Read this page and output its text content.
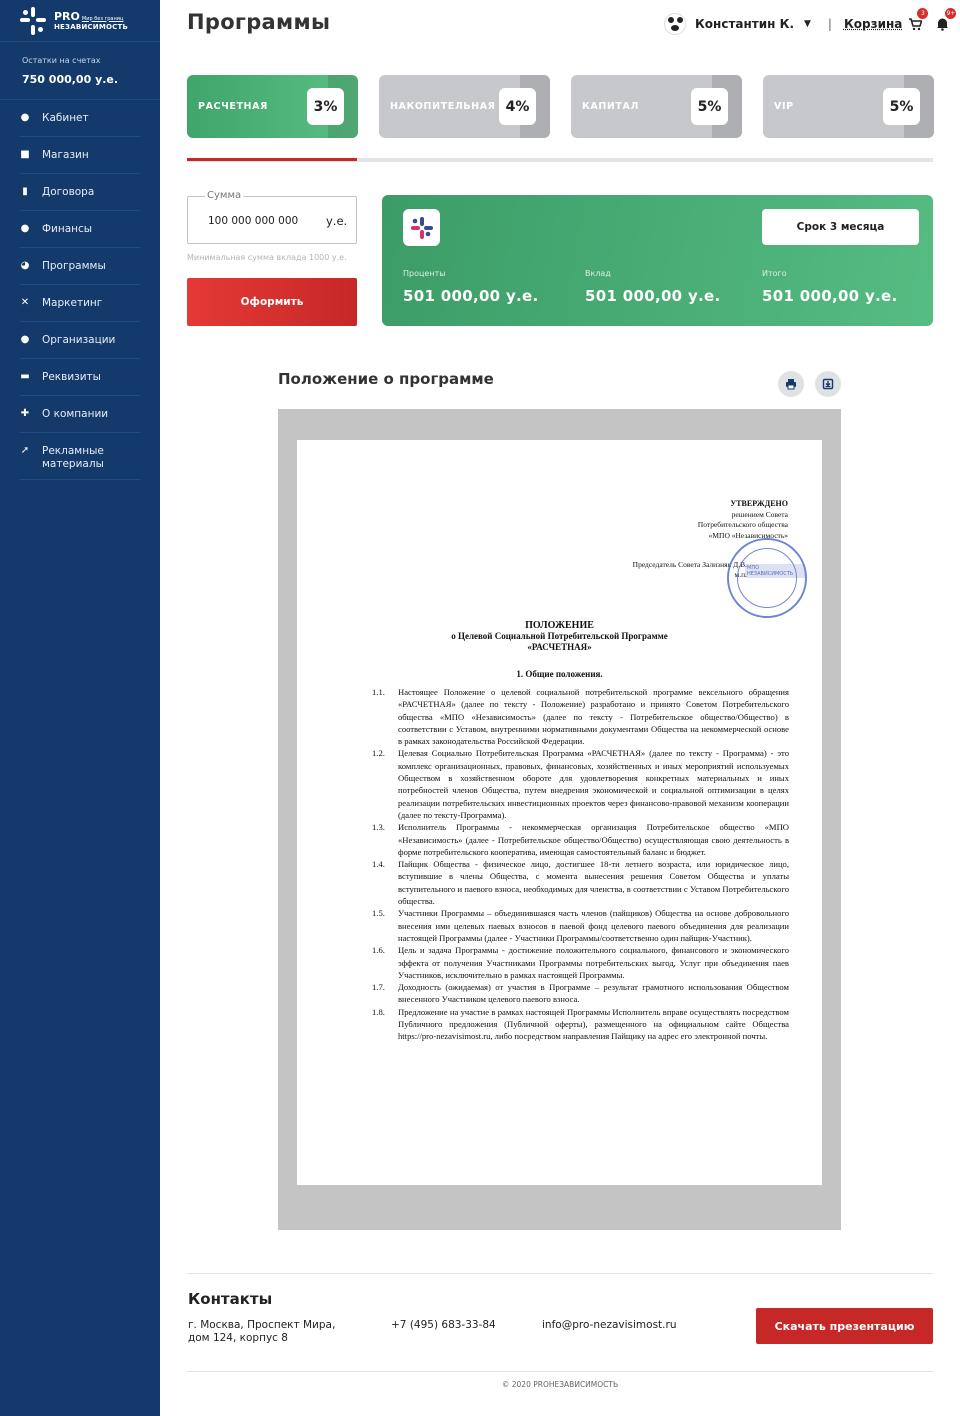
PRO Мир без границ
НЕЗАВИСИМОСТЬ
Остатки на счетах
750 000,00 у.е.
● Кабинет
■ Магазин
▮ Договора
● Финансы
◕ Программы
✕ Маркетинг
● Организации
▬ Реквизиты
✚ О компании
➚ Рекламные материалы
Программы	Константин К. ▼ | Корзина
3	9+
РАСЧЕТНАЯ	3%	НАКОПИТЕЛЬНАЯ 4%	КАПИТАЛ	5%	VIP	5%
Сумма
100 000 000 000 у.е.
Минимальная сумма вклада 1000 у.е.
Оформить
Срок 3 месяца
Проценты
501 000,00 у.е.
Вклад
501 000,00 у.е.
Итого
501 000,00 у.е.
Положение о программе
УТВЕРЖДЕНО
решением Совета
Потребительского общества
«МПО «Независимость»
Председатель Совета Зализняк Д.В.
м.п.
МПО НЕЗАВИСИМОСТЬ
ПОЛОЖЕНИЕ
о Целевой Социальной Потребительской Программе
«РАСЧЕТНАЯ»
1. Общие положения.
1.1.	Настоящее Положение о целевой социальной потребительской программе вексельного обращения «РАСЧЕТНАЯ» (далее по тексту - Положение) разработано и принято Советом Потребительского общества «МПО «Независимость» (далее по тексту - Потребительское общество/Общество) в соответствии с Уставом, внутренними нормативными документами Общества на некоммерческой основе в рамках законодательства Российской Федерации.
1.2.	Целевая Социально Потребительская Программа «РАСЧЕТНАЯ» (далее по тексту - Программа) - это комплекс организационных, правовых, финансовых, хозяйственных и иных мероприятий используемых Обществом в хозяйственном обороте для удовлетворения конкретных материальных и иных потребностей членов Общества, путем внедрения экономической и социальной оптимизации в целях реализации потребительских инвестиционных проектов через финансово-правовой механизм кооперации (далее по тексту-Программа).
1.3.	Исполнитель Программы - некоммерческая организация Потребительское общество «МПО «Независимость» (далее - Потребительское общество/Общество) осуществляющая свою деятельность в форме потребительского кооператива, имеющая самостоятельный баланс и бюджет.
1.4.	Пайщик Общества - физическое лицо, достигшее 18-ти летнего возраста, или юридическое лицо, вступившие в члены Общества, с момента вынесения решения Советом Общества и уплаты вступительного и паевого взноса, необходимых для членства, в соответствии с Уставом Потребительского общества.
1.5.	Участники Программы – объединившаяся часть членов (пайщиков) Общества на основе добровольного внесения ими целевых паевых взносов в паевой фонд целевого паевого объединения для реализации настоящей Программы (далее - Участники Программы/соответственно один пайщик-Участник).
1.6.	Цель и задача Программы - достижение положительного социального, финансового и экономического эффекта от получения Участниками Программы потребительских выгод, Услуг при объединения паев Участников, исключительно в рамках настоящей Программы.
1.7.	Доходность (ожидаемая) от участия в Программе – результат грамотного использования Обществом внесенного Участником целевого паевого взноса.
1.8.	Предложение на участие в рамках настоящей Программы Исполнитель вправе осуществлять посредством Публичного предложения (Публичной оферты), размещенного на официальном сайте Общества https://pro-nezavisimost.ru, либо посредством направления Пайщику на адрес его электронной почты.
Контакты
г. Москва, Проспект Мира,
дом 124, корпус 8
+7 (495) 683-33-84	info@pro-nezavisimost.ru	Скачать презентацию
© 2020 PROНЕЗАВИСИМОСТЬ
